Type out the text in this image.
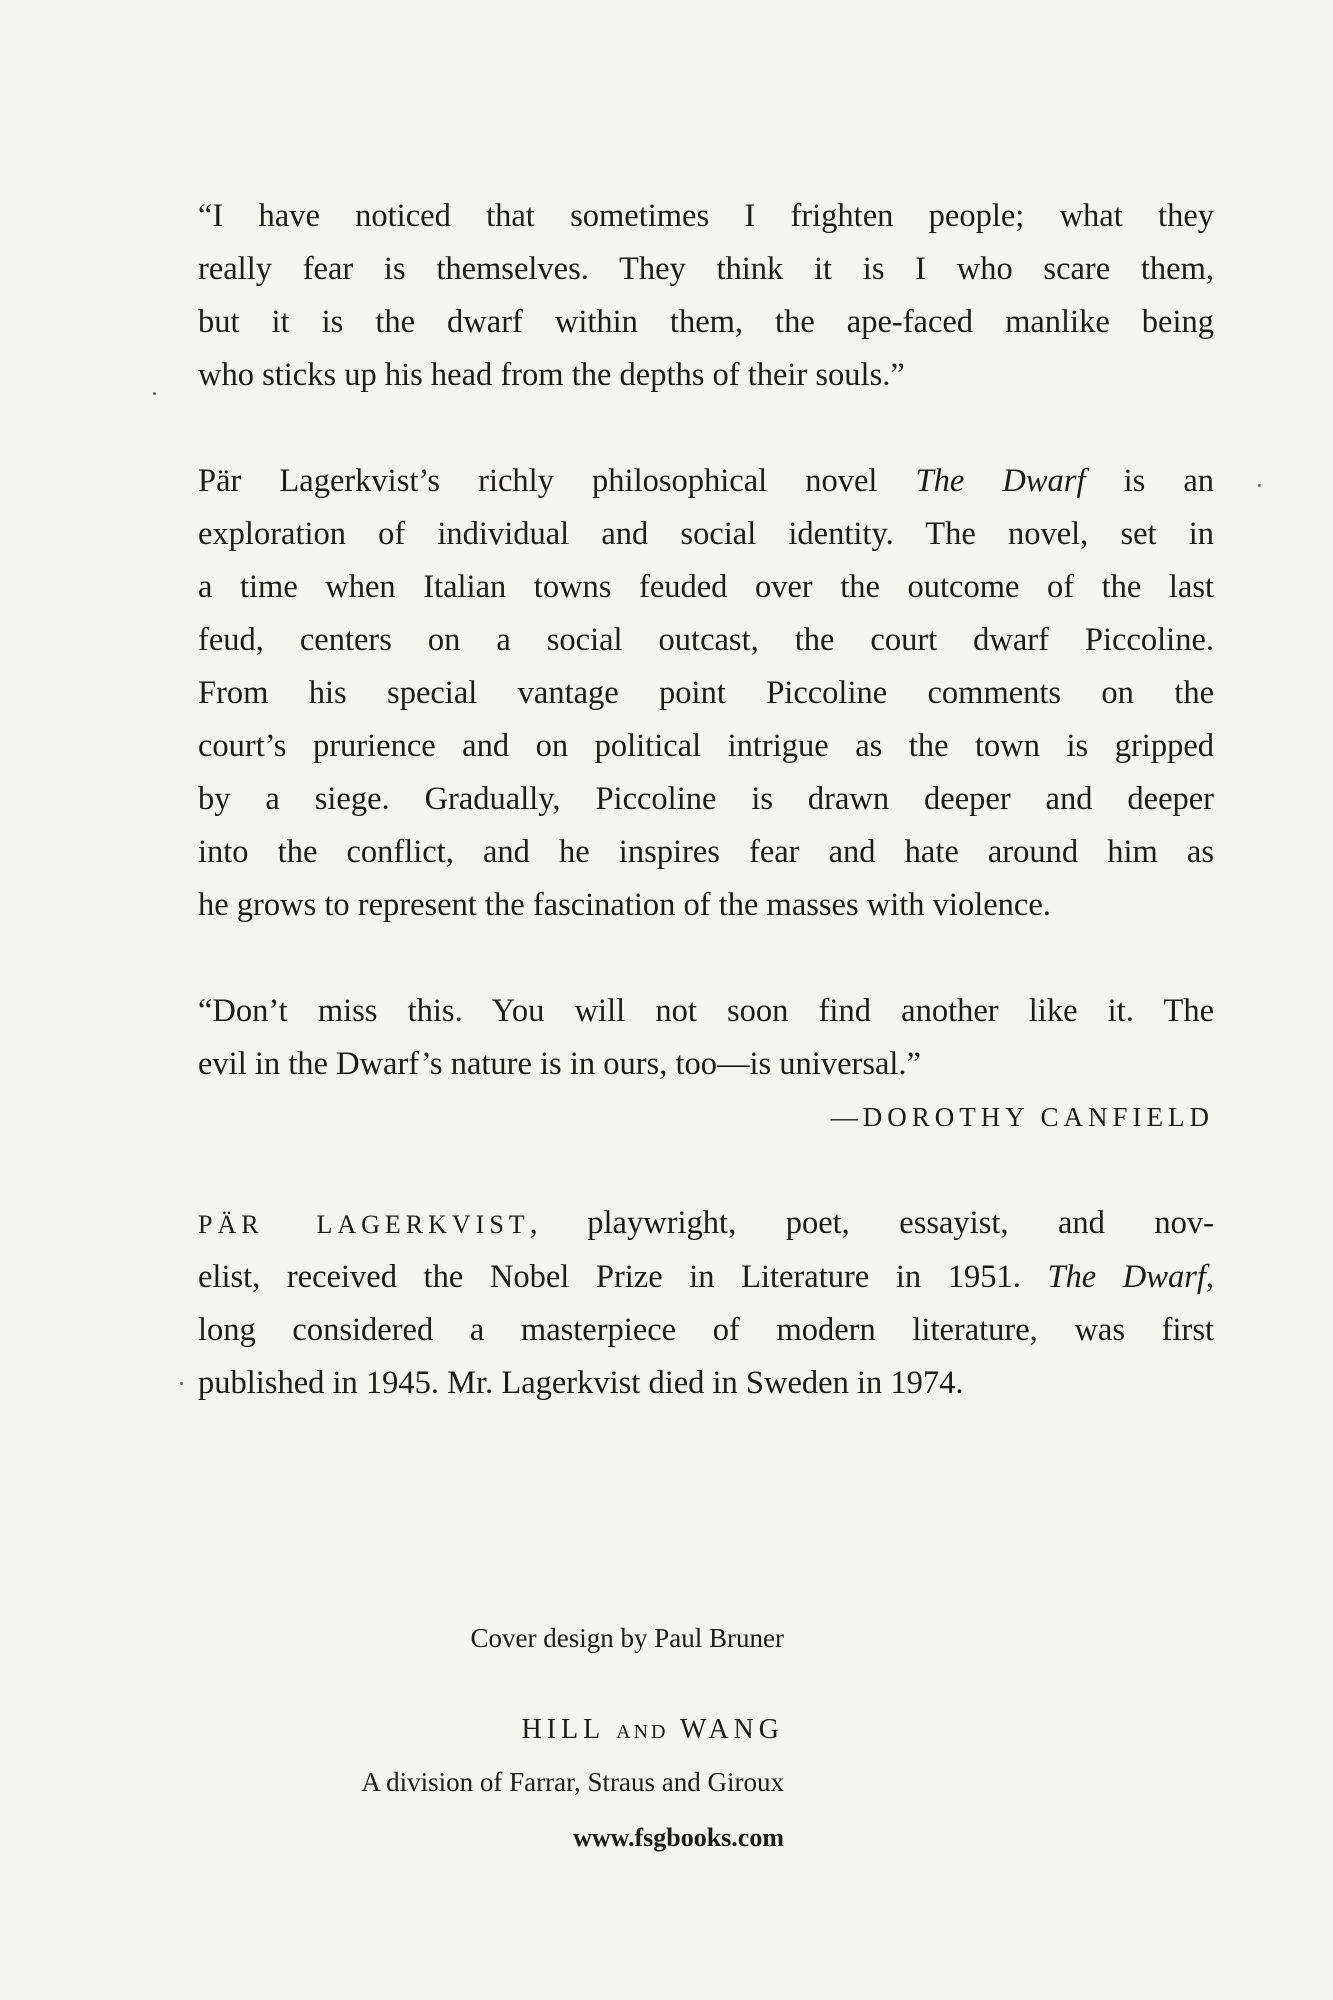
“I have noticed that sometimes I frighten people; what they
really fear is themselves. They think it is I who scare them,
but it is the dwarf within them, the ape-faced manlike being
who sticks up his head from the depths of their souls.”
Pär Lagerkvist’s richly philosophical novel The Dwarf is an
exploration of individual and social identity. The novel, set in
a time when Italian towns feuded over the outcome of the last
feud, centers on a social outcast, the court dwarf Piccoline.
From his special vantage point Piccoline comments on the
court’s prurience and on political intrigue as the town is gripped
by a siege. Gradually, Piccoline is drawn deeper and deeper
into the conflict, and he inspires fear and hate around him as
he grows to represent the fascination of the masses with violence.
“Don’t miss this. You will not soon find another like it. The
evil in the Dwarf’s nature is in ours, too—is universal.”
—DOROTHY CANFIELD
PÄR LAGERKVIST, playwright, poet, essayist, and nov-
elist, received the Nobel Prize in Literature in 1951. The Dwarf,
long considered a masterpiece of modern literature, was first
published in 1945. Mr. Lagerkvist died in Sweden in 1974.
Cover design by Paul Bruner
HILL AND WANG
A division of Farrar, Straus and Giroux
www.fsgbooks.com
